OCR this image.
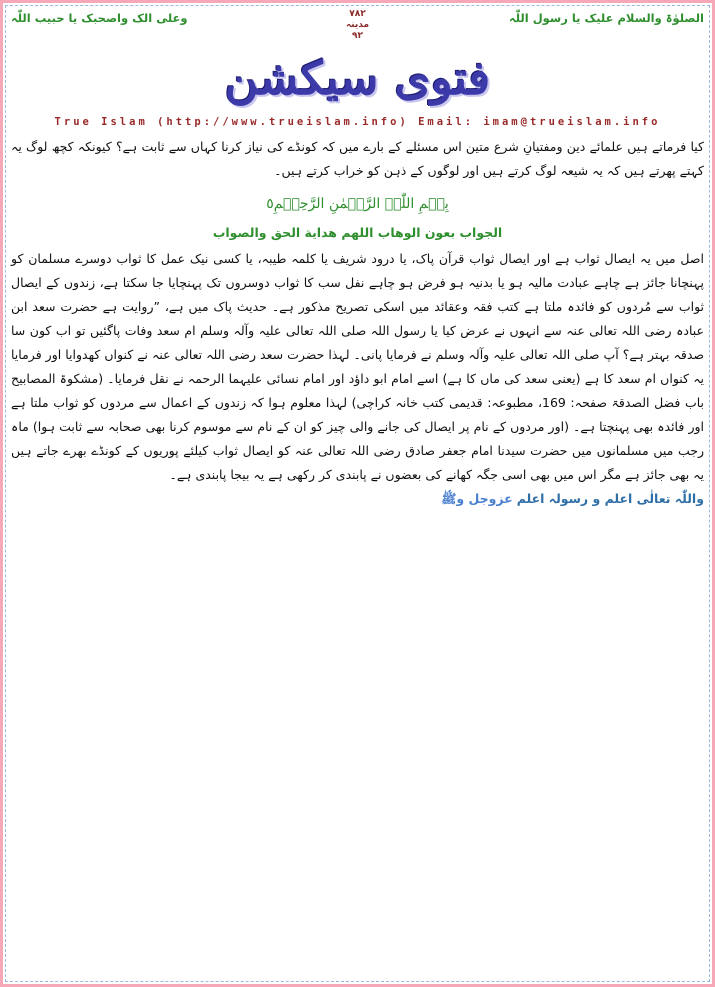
الصلوٰۃ والسلام علیک یا رسول اللّٰہ
٧٨٢
مدينہ
٩٢
وعلی الک واصحبک یا حبیب اللّٰہ
فتوی سیکشن
True Islam (http://www.trueislam.info) Email: imam@trueislam.info

کیا فرماتے ہیں علمائے دین ومفتیانِ شرع متین اس مسئلے کے بارے میں کہ کونڈے کی نیاز کرنا کہاں سے ثابت ہے؟ کیونکہ کچھ لوگ یہ کہتے پھرتے ہیں کہ یہ شیعہ لوگ کرتے ہیں اور لوگوں کے ذہن کو خراب کرتے ہیں۔

بِسۡمِ اللّٰہِ الرَّحۡمٰنِ الرَّحِیۡمِ٥

الجواب بعون الوهاب اللهم هداية الحق والصواب

اصل میں یہ ایصال ثواب ہے اور ایصال ثواب قرآن پاک، یا درود شریف یا کلمہ طیبہ، یا کسی نیک عمل کا ثواب دوسرے مسلمان کو پہنچانا جائز ہے چاہے عبادت مالیہ ہو یا بدنیہ ہو فرض ہو چاہے نفل سب کا ثواب دوسروں تک پہنچایا جا سکتا ہے، زندوں کے ایصال ثواب سے مُردوں کو فائدہ ملتا ہے کتب فقہ وعقائد میں اسکی تصریح مذکور ہے۔ حدیث پاک میں ہے، ”روایت ہے حضرت سعد ابن عبادہ رضی اللہ تعالی عنہ سے انہوں نے عرض کیا یا رسول اللہ صلی اللہ تعالی علیہ وآلہ وسلم ام سعد وفات پاگئیں تو اب کون سا صدقہ بہتر ہے؟ آپ صلی اللہ تعالی علیہ وآلہ وسلم نے فرمایا پانی۔ لہذا حضرت سعد رضی اللہ تعالی عنہ نے کنواں کھدوایا اور فرمایا یہ کنواں ام سعد کا ہے (یعنی سعد کی ماں کا ہے) اسے امام ابو داؤد اور امام نسائی علیہما الرحمہ نے نقل فرمایا۔ (مشکوۃ المصابیح باب فضل الصدقۃ صفحہ: 169، مطبوعہ: قدیمی کتب خانہ کراچی) لہذا معلوم ہوا کہ زندوں کے اعمال سے مردوں کو ثواب ملتا ہے اور فائدہ بھی پہنچتا ہے۔ (اور مردوں کے نام پر ایصال کی جانے والی چیز کو ان کے نام سے موسوم کرنا بھی صحابہ سے ثابت ہوا) ماہ رجب میں مسلمانوں میں حضرت سیدنا امام جعفر صادق رضی اللہ تعالی عنہ کو ایصال ثواب کیلئے پوریوں کے کونڈے بھرے جاتے ہیں یہ بھی جائز ہے مگر اس میں بھی اسی جگہ کھانے کی بعضوں نے پابندی کر رکھی ہے یہ بیجا پابندی ہے۔

واللّٰہ تعالٰی اعلم و رسولہ اعلم عزوجل وﷺ
